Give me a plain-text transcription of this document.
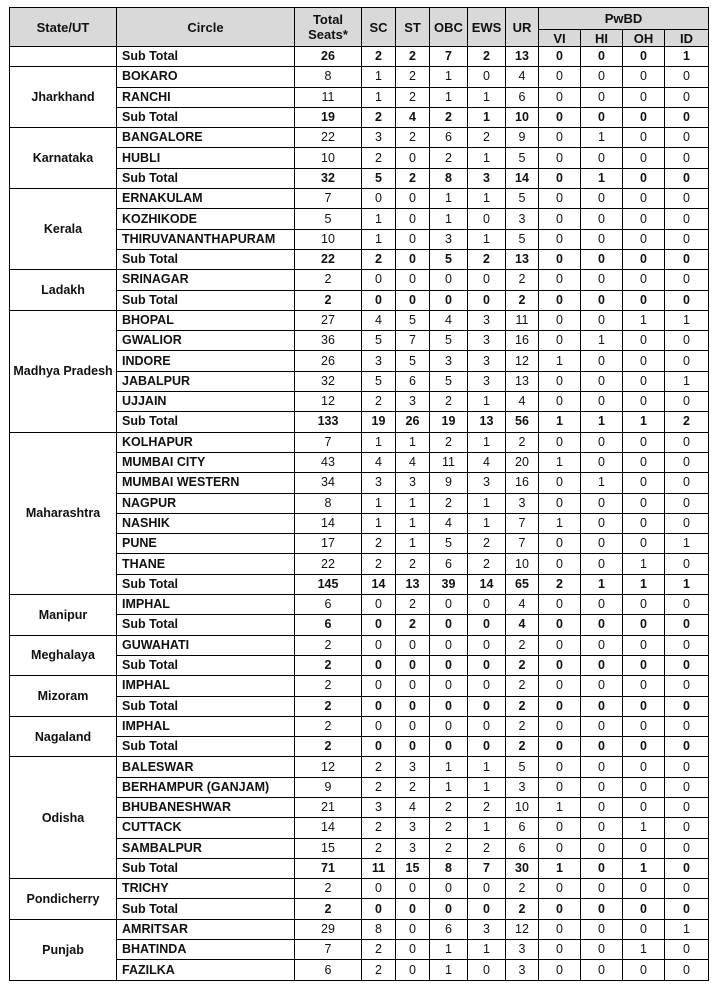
State/UT	Circle	Total Seats*	SC	ST	OBC	EWS	UR	PwBD			
								VI	HI	OH	ID
	Sub Total	26	2	2	7	2	13	0	0	0	1
Jharkhand	BOKARO	8	1	2	1	0	4	0	0	0	0
	RANCHI	11	1	2	1	1	6	0	0	0	0
	Sub Total	19	2	4	2	1	10	0	0	0	0
Karnataka	BANGALORE	22	3	2	6	2	9	0	1	0	0
	HUBLI	10	2	0	2	1	5	0	0	0	0
	Sub Total	32	5	2	8	3	14	0	1	0	0
Kerala	ERNAKULAM	7	0	0	1	1	5	0	0	0	0
	KOZHIKODE	5	1	0	1	0	3	0	0	0	0
	THIRUVANANTHAPURAM	10	1	0	3	1	5	0	0	0	0
	Sub Total	22	2	0	5	2	13	0	0	0	0
Ladakh	SRINAGAR	2	0	0	0	0	2	0	0	0	0
	Sub Total	2	0	0	0	0	2	0	0	0	0
Madhya Pradesh	BHOPAL	27	4	5	4	3	11	0	0	1	1
	GWALIOR	36	5	7	5	3	16	0	1	0	0
	INDORE	26	3	5	3	3	12	1	0	0	0
	JABALPUR	32	5	6	5	3	13	0	0	0	1
	UJJAIN	12	2	3	2	1	4	0	0	0	0
	Sub Total	133	19	26	19	13	56	1	1	1	2
Maharashtra	KOLHAPUR	7	1	1	2	1	2	0	0	0	0
	MUMBAI CITY	43	4	4	11	4	20	1	0	0	0
	MUMBAI WESTERN	34	3	3	9	3	16	0	1	0	0
	NAGPUR	8	1	1	2	1	3	0	0	0	0
	NASHIK	14	1	1	4	1	7	1	0	0	0
	PUNE	17	2	1	5	2	7	0	0	0	1
	THANE	22	2	2	6	2	10	0	0	1	0
	Sub Total	145	14	13	39	14	65	2	1	1	1
Manipur	IMPHAL	6	0	2	0	0	4	0	0	0	0
	Sub Total	6	0	2	0	0	4	0	0	0	0
Meghalaya	GUWAHATI	2	0	0	0	0	2	0	0	0	0
	Sub Total	2	0	0	0	0	2	0	0	0	0
Mizoram	IMPHAL	2	0	0	0	0	2	0	0	0	0
	Sub Total	2	0	0	0	0	2	0	0	0	0
Nagaland	IMPHAL	2	0	0	0	0	2	0	0	0	0
	Sub Total	2	0	0	0	0	2	0	0	0	0
Odisha	BALESWAR	12	2	3	1	1	5	0	0	0	0
	BERHAMPUR (GANJAM)	9	2	2	1	1	3	0	0	0	0
	BHUBANESHWAR	21	3	4	2	2	10	1	0	0	0
	CUTTACK	14	2	3	2	1	6	0	0	1	0
	SAMBALPUR	15	2	3	2	2	6	0	0	0	0
	Sub Total	71	11	15	8	7	30	1	0	1	0
Pondicherry	TRICHY	2	0	0	0	0	2	0	0	0	0
	Sub Total	2	0	0	0	0	2	0	0	0	0
Punjab	AMRITSAR	29	8	0	6	3	12	0	0	0	1
	BHATINDA	7	2	0	1	1	3	0	0	1	0
	FAZILKA	6	2	0	1	0	3	0	0	0	0
